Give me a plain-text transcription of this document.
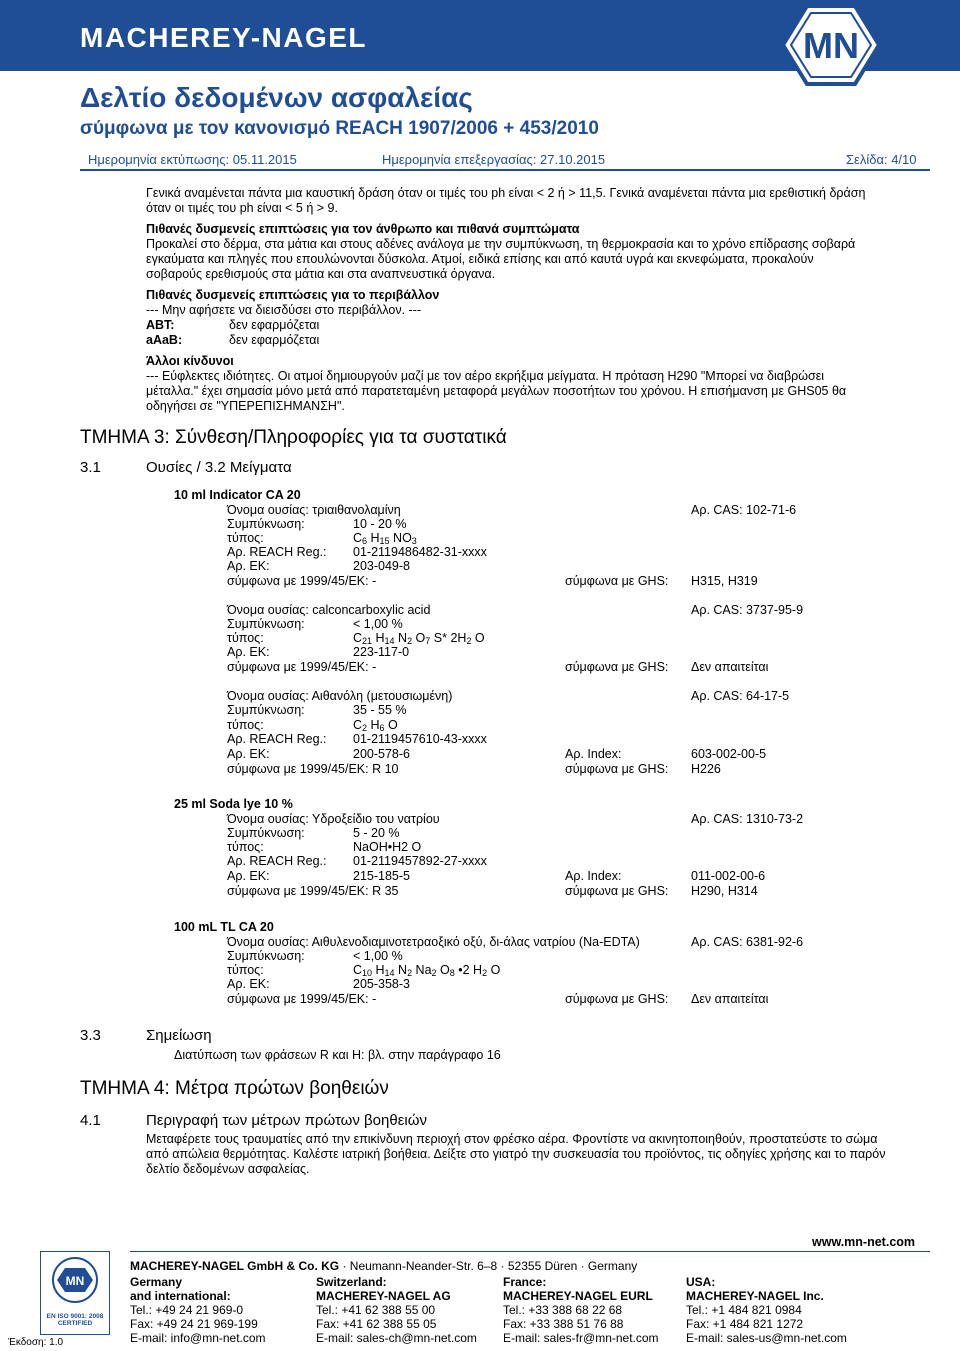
MACHEREY-NAGEL	MN
Δελτίο δεδομένων ασφαλείας
σύμφωνα με τον κανονισμό REACH 1907/2006 + 453/2010
Ημερομηνία εκτύπωσης: 05.11.2015	Ημερομηνία επεξεργασίας: 27.10.2015	Σελίδα: 4/10
Γενικά αναμένεται πάντα μια καυστική δράση όταν οι τιμές του ph είναι < 2 ή > 11,5. Γενικά αναμένεται πάντα μια ερεθιστική δράση
όταν οι τιμές του ph είναι < 5 ή > 9.
Πιθανές δυσμενείς επιπτώσεις για τον άνθρωπο και πιθανά συμπτώματα
Προκαλεί στο δέρμα, στα μάτια και στους αδένες ανάλογα με την συμπύκνωση, τη θερμοκρασία και το χρόνο επίδρασης σοβαρά
εγκαύματα και πληγές που επουλώνονται δύσκολα. Ατμοί, ειδικά επίσης και από καυτά υγρά και εκνεφώματα, προκαλούν
σοβαρούς ερεθισμούς στα μάτια και στα αναπνευστικά όργανα.
Πιθανές δυσμενείς επιπτώσεις για το περιβάλλον
--- Μην αφήσετε να διεισδύσει στο περιβάλλον. ---
ABT:	δεν εφαρμόζεται
aAaB:	δεν εφαρμόζεται
Άλλοι κίνδυνοι
--- Εύφλεκτες ιδιότητες. Οι ατμοί δημιουργούν μαζί με τον αέρο εκρήξιμα μείγματα. Η πρόταση H290 "Μπορεί να διαβρώσει
μέταλλα." έχει σημασία μόνο μετά από παρατεταμένη μεταφορά μεγάλων ποσοτήτων του χρόνου. Η επισήμανση με GHS05 θα
οδηγήσει σε "ΥΠΕΡΕΠΙΣΗΜΑΝΣΗ".
ΤΜΗΜΑ 3: Σύνθεση/Πληροφορίες για τα συστατικά
3.1	Ουσίες / 3.2 Μείγματα
10 ml Indicator CA 20
Όνομα ουσίας: τριαιθανολαμίνη	Αρ. CAS: 102-71-6
Συμπύκνωση:	10 - 20 %
τύπος:	$C_6$ $H_{15}$ $NO_3$
Αρ. REACH Reg.: 01-2119486482-31-xxxx
Αρ. ΕΚ:	203-049-8
σύμφωνα με 1999/45/ΕΚ: -	σύμφωνα με GHS: H315, H319
Όνομα ουσίας: calconcarboxylic acid	Αρ. CAS: 3737-95-9
Συμπύκνωση:	< 1,00 %
τύπος:	$C_{21}$ $H_{14}$ $N_2$ $O_7$ S* $2H_2$ O
Αρ. ΕΚ:	223-117-0
σύμφωνα με 1999/45/ΕΚ: -	σύμφωνα με GHS: Δεν απαιτείται
Όνομα ουσίας: Αιθανόλη (μετουσιωμένη)	Αρ. CAS: 64-17-5
Συμπύκνωση:	35 - 55 %
τύπος:	$C_2$ $H_6$ O
Αρ. REACH Reg.: 01-2119457610-43-xxxx
Αρ. ΕΚ:	200-578-6	Αρ. Index:	603-002-00-5
σύμφωνα με 1999/45/ΕΚ: R 10	σύμφωνα με GHS: H226
25 ml Soda lye 10 %
Όνομα ουσίας: Υδροξείδιο του νατρίου	Αρ. CAS: 1310-73-2
Συμπύκνωση:	5 - 20 %
τύπος:	NaOH•H2 O
Αρ. REACH Reg.: 01-2119457892-27-xxxx
Αρ. ΕΚ:	215-185-5	Αρ. Index:	011-002-00-6
σύμφωνα με 1999/45/ΕΚ: R 35	σύμφωνα με GHS: H290, H314
100 mL TL CA 20
Όνομα ουσίας: Αιθυλενοδιαμινοτετραοξικό οξύ, δι-άλας νατρίου (Na-EDTA)	Αρ. CAS: 6381-92-6
Συμπύκνωση:	< 1,00 %
τύπος:	$C_{10}$ $H_{14}$ $N_2$ $Na_2$ $O_8$ •2 $H_2$ O
Αρ. ΕΚ:	205-358-3
σύμφωνα με 1999/45/ΕΚ: -	σύμφωνα με GHS: Δεν απαιτείται
3.3	Σημείωση
Διατύπωση των φράσεων R και H: βλ. στην παράγραφο 16
ΤΜΗΜΑ 4: Μέτρα πρώτων βοηθειών
4.1	Περιγραφή των μέτρων πρώτων βοηθειών
Μεταφέρετε τους τραυματίες από την επικίνδυνη περιοχή στον φρέσκο αέρα. Φροντίστε να ακινητοποιηθούν, προστατεύστε το σώμα
από απώλεια θερμότητας. Καλέστε ιατρική βοήθεια. Δείξτε στο γιατρό την συσκευασία του προϊόντος, τις οδηγίες χρήσης και το παρόν
δελτίο δεδομένων ασφαλείας.
www.mn-net.com
MN
EN ISO 9001: 2008
CERTIFIED
Έκδοση: 1.0
MACHEREY-NAGEL GmbH & Co. KG · Neumann-Neander-Str. 6–8 · 52355 Düren · Germany
Germany
and international:
Tel.: +49 24 21 969-0
Fax: +49 24 21 969-199
E-mail: info@mn-net.com
Switzerland:
MACHEREY-NAGEL AG
Tel.: +41 62 388 55 00
Fax: +41 62 388 55 05
E-mail: sales-ch@mn-net.com
France:
MACHEREY-NAGEL EURL
Tel.: +33 388 68 22 68
Fax: +33 388 51 76 88
E-mail: sales-fr@mn-net.com
USA:
MACHEREY-NAGEL Inc.
Tel.: +1 484 821 0984
Fax: +1 484 821 1272
E-mail: sales-us@mn-net.com
